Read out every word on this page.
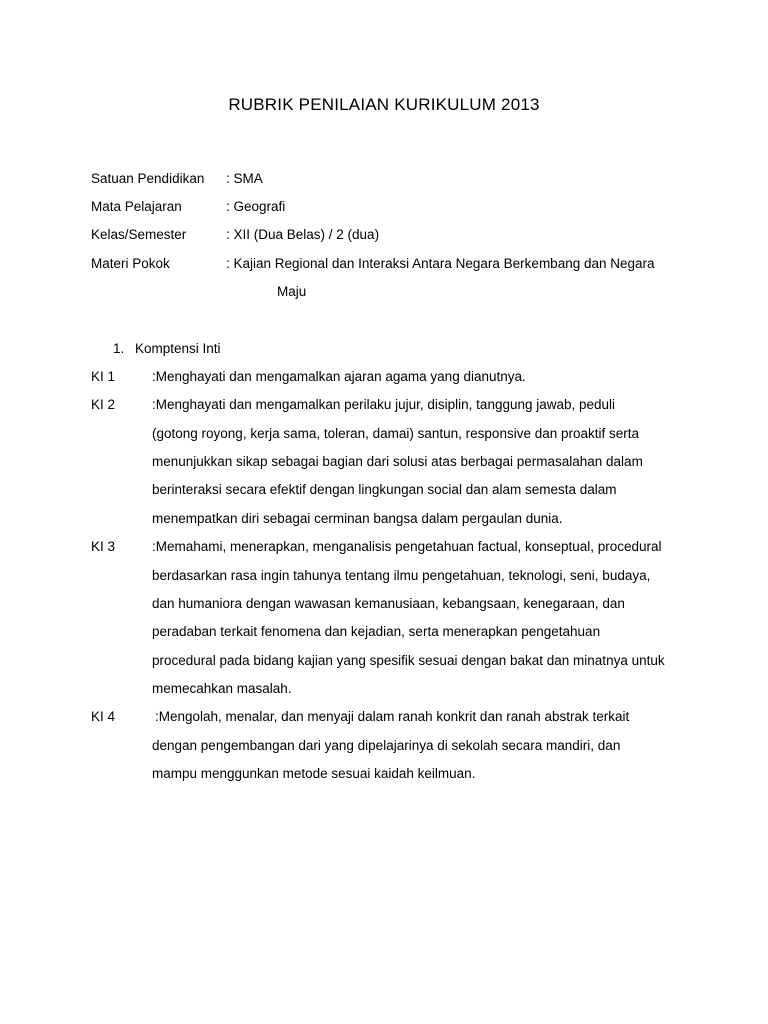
RUBRIK PENILAIAN KURIKULUM 2013
Satuan Pendidikan : SMA
Mata Pelajaran	: Geografi
Kelas/Semester	: XII (Dua Belas) / 2 (dua)
Materi Pokok	: Kajian Regional dan Interaksi Antara Negara Berkembang dan Negara
Maju
1. Komptensi Inti
KI 1	:Menghayati dan mengamalkan ajaran agama yang dianutnya.
KI 2	:Menghayati dan mengamalkan perilaku jujur, disiplin, tanggung jawab, peduli
(gotong royong, kerja sama, toleran, damai) santun, responsive dan proaktif serta
menunjukkan sikap sebagai bagian dari solusi atas berbagai permasalahan dalam
berinteraksi secara efektif dengan lingkungan social dan alam semesta dalam
menempatkan diri sebagai cerminan bangsa dalam pergaulan dunia.
KI 3	:Memahami, menerapkan, menganalisis pengetahuan factual, konseptual, procedural
berdasarkan rasa ingin tahunya tentang ilmu pengetahuan, teknologi, seni, budaya,
dan humaniora dengan wawasan kemanusiaan, kebangsaan, kenegaraan, dan
peradaban terkait fenomena dan kejadian, serta menerapkan pengetahuan
procedural pada bidang kajian yang spesifik sesuai dengan bakat dan minatnya untuk
memecahkan masalah.
KI 4	:Mengolah, menalar, dan menyaji dalam ranah konkrit dan ranah abstrak terkait
dengan pengembangan dari yang dipelajarinya di sekolah secara mandiri, dan
mampu menggunkan metode sesuai kaidah keilmuan.
